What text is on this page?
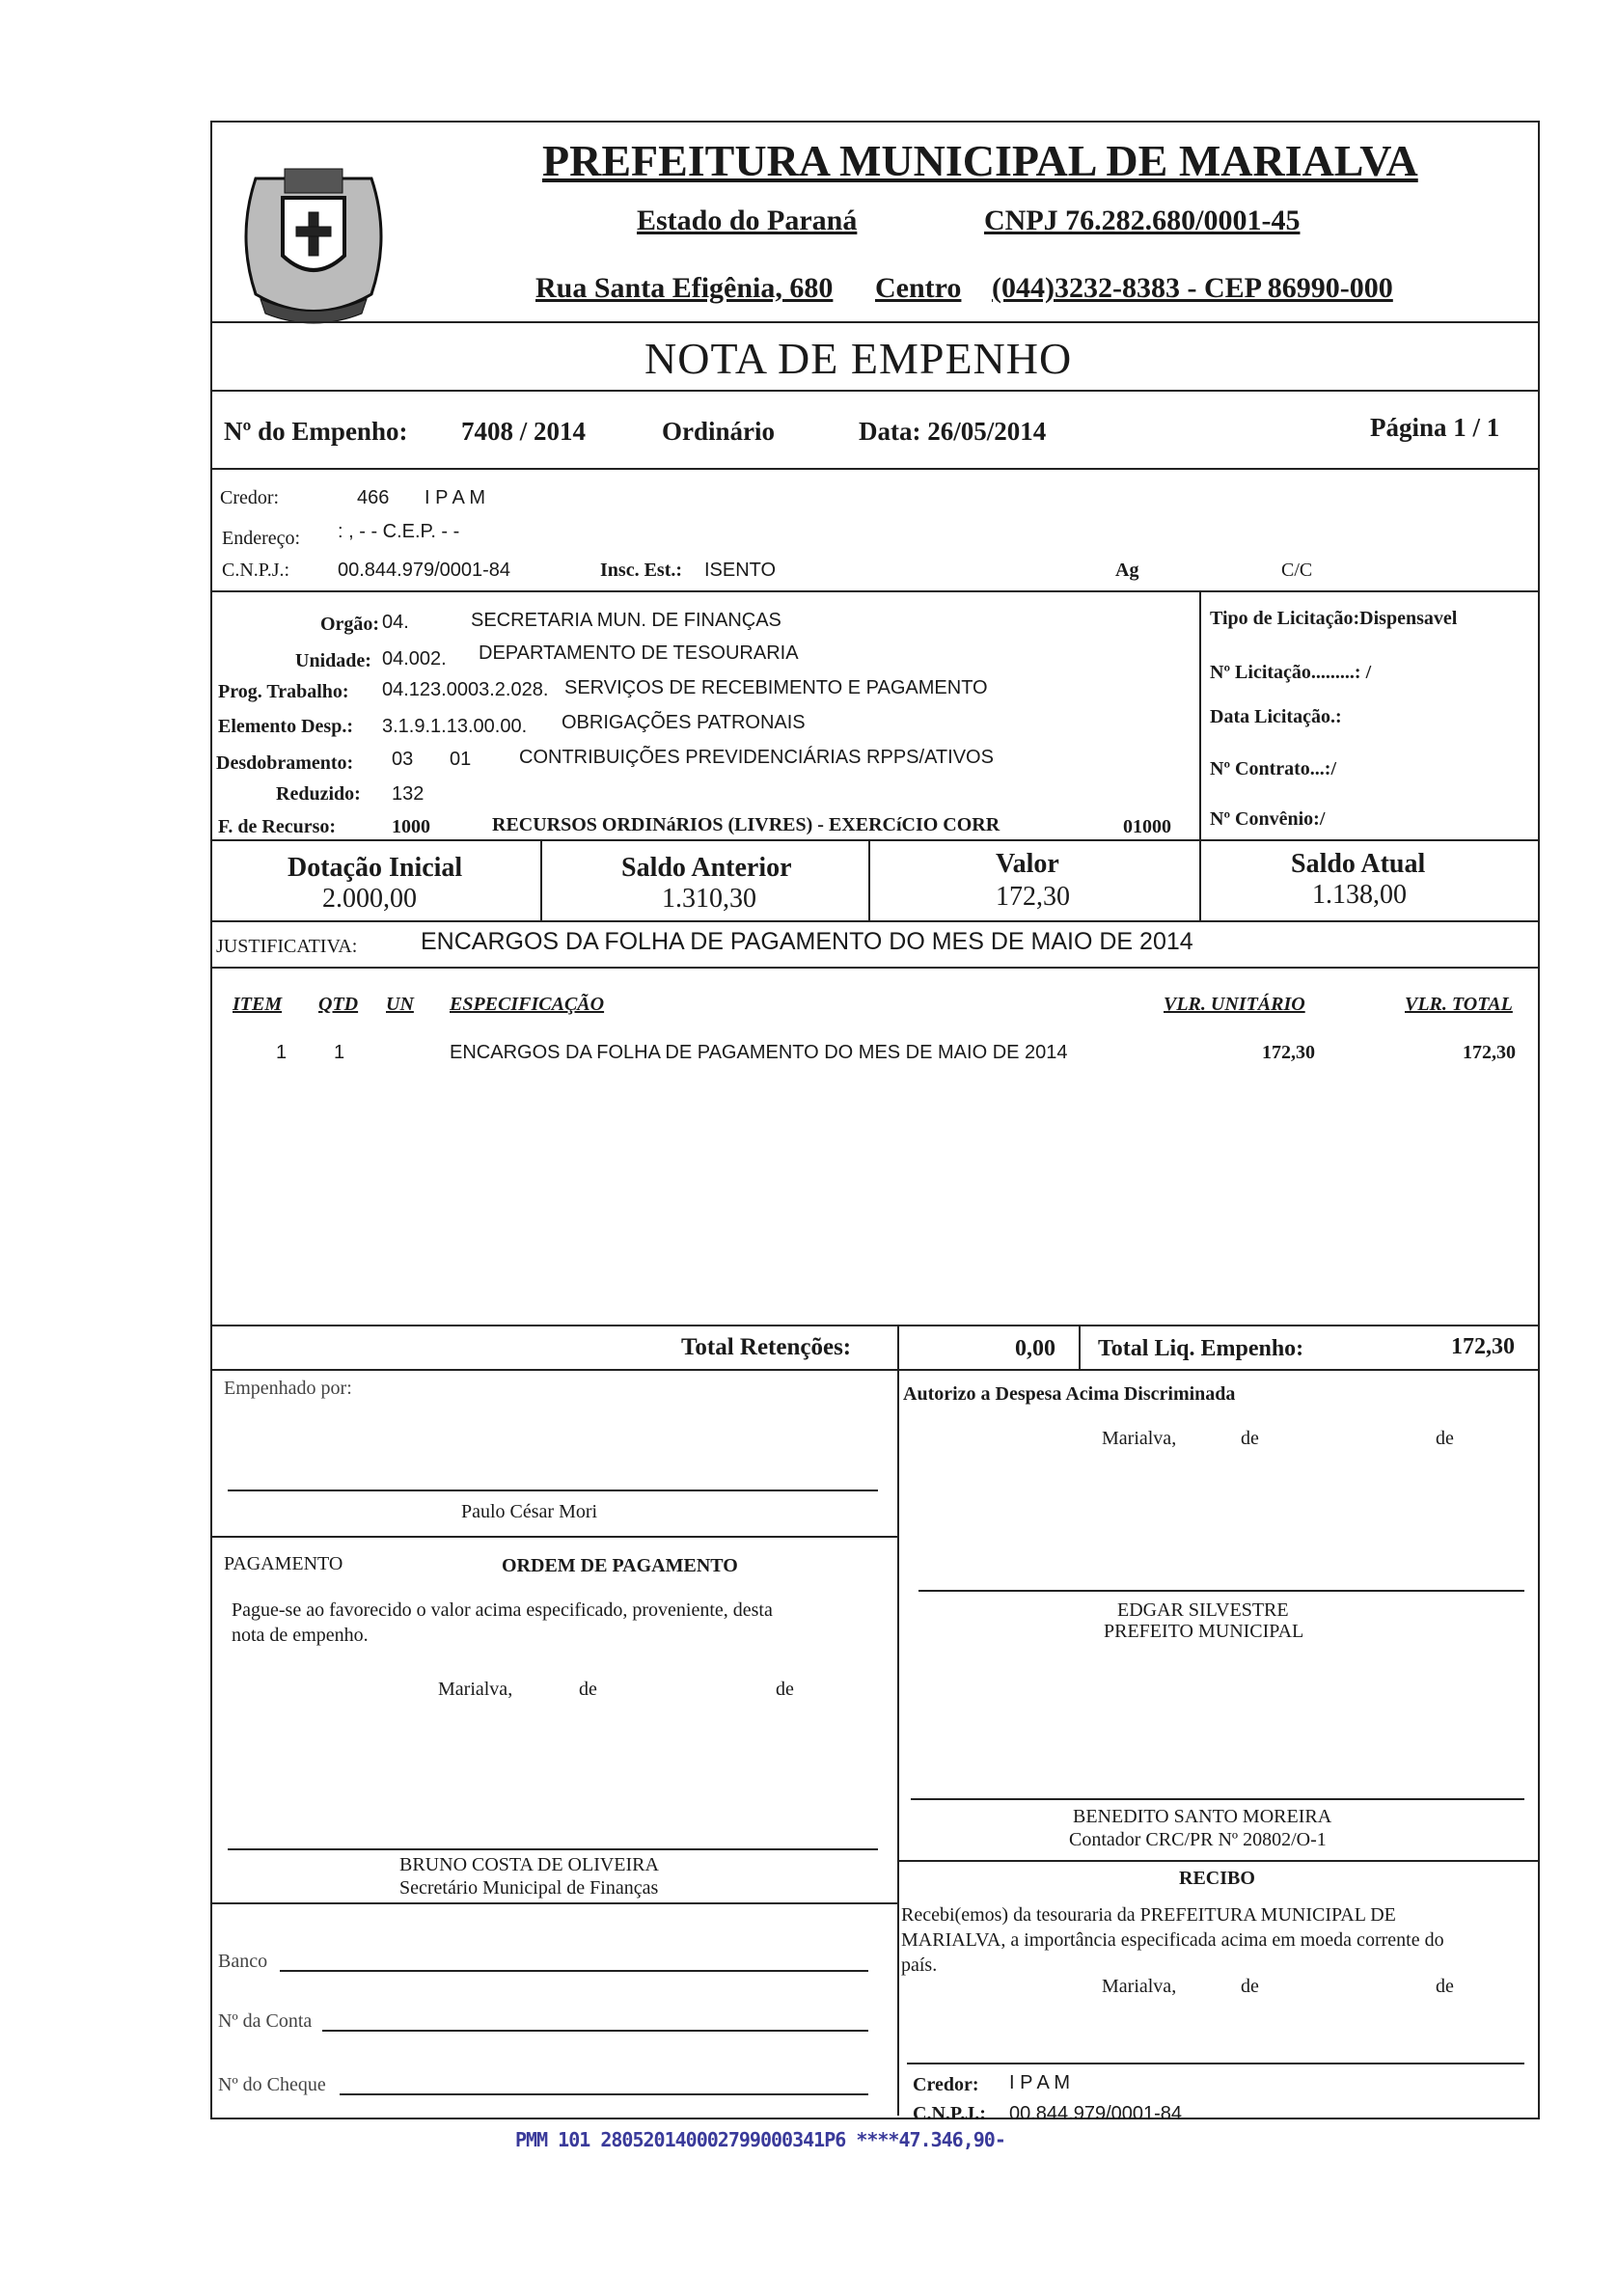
PREFEITURA MUNICIPAL DE MARIALVA
Estado do Paraná	CNPJ 76.282.680/0001-45
Rua Santa Efigênia, 680 Centro (044)3232-8383 - CEP 86990-000
NOTA DE EMPENHO
Nº do Empenho: 7408 / 2014	Ordinário	Data: 26/05/2014	Página 1 / 1
Credor:	466 I P A M
Endereço: : , - - C.E.P. - -
C.N.P.J.: 00.844.979/0001-84	Insc. Est.: ISENTO	Ag	C/C
Orgão: 04.	SECRETARIA MUN. DE FINANÇAS
Unidade: 04.002. DEPARTAMENTO DE TESOURARIA
Prog. Trabalho: 04.123.0003.2.028. SERVIÇOS DE RECEBIMENTO E PAGAMENTO
Elemento Desp.: 3.1.9.1.13.00.00. OBRIGAÇÕES PATRONAIS
Desdobramento: 03 01 CONTRIBUIÇÕES PREVIDENCIÁRIAS RPPS/ATIVOS
Reduzido: 132
F. de Recurso:	1000	RECURSOS ORDINáRIOS (LIVRES) - EXERCíCIO CORR	01000
Tipo de Licitação:Dispensavel
Nº Licitação.........: /
Data Licitação.:
Nº Contrato...:/
Nº Convênio:/
Dotação Inicial
2.000,00
Saldo Anterior
1.310,30
Valor
172,30
Saldo Atual
1.138,00
JUSTIFICATIVA:	ENCARGOS DA FOLHA DE PAGAMENTO DO MES DE MAIO DE 2014
ITEM QTD UN ESPECIFICAÇÃO	VLR. UNITÁRIO	VLR. TOTAL
1 1	ENCARGOS DA FOLHA DE PAGAMENTO DO MES DE MAIO DE 2014	172,30	172,30
Total Retenções:	0,00 Total Liq. Empenho:	172,30
Empenhado por:
Paulo César Mori
Autorizo a Despesa Acima Discriminada
Marialva,	de	de
EDGAR SILVESTRE
PREFEITO MUNICIPAL
PAGAMENTO	ORDEM DE PAGAMENTO
Pague-se ao favorecido o valor acima especificado, proveniente, desta
nota de empenho.
Marialva,	de	de
BENEDITO SANTO MOREIRA
Contador CRC/PR Nº 20802/O-1
BRUNO COSTA DE OLIVEIRA
Secretário Municipal de Finanças	RECIBO
Recebi(emos) da tesouraria da PREFEITURA MUNICIPAL DE
MARIALVA, a importância especificada acima em moeda corrente do
país.
Marialva,	de	de
Banco
Nº da Conta
Nº do Cheque	Credor: I P A M
C.N.P.J.: 00.844.979/0001-84
PMM 101 280520140002799000341P6 ****47.346,90-
